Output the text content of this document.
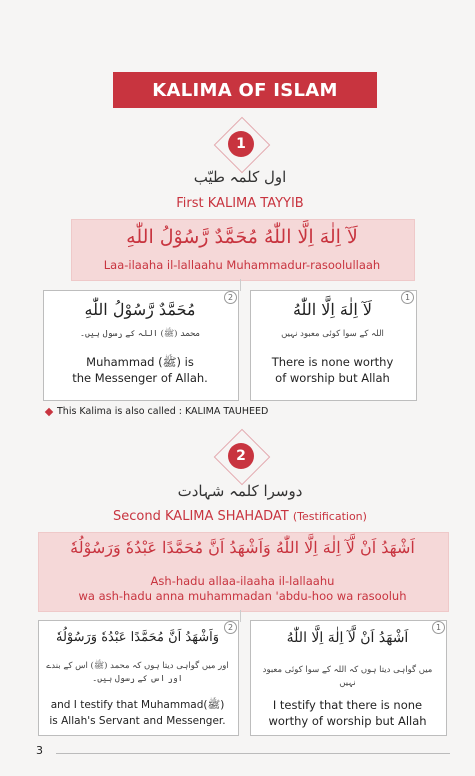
KALIMA OF ISLAM
1
اول کلمہ طیّب
First KALIMA TAYYIB
لَآ اِلٰهَ اِلَّا اللّٰهُ مُحَمَّدٌ رَّسُوْلُ اللّٰهِ
Laa-ilaaha il-lallaahu Muhammadur-rasoolullaah
2
مُحَمَّدٌ رَّسُوْلُ اللّٰهِ
محمد (ﷺ) اللہ کے رسول ہیں۔
Muhammad (ﷺ) is
the Messenger of Allah.
1
لَآ اِلٰهَ اِلَّا اللّٰهُ
اللہ کے سوا کوئی معبود نہیں
There is none worthy
of worship but Allah
This Kalima is also called : KALIMA TAUHEED
2
دوسرا کلمہ شہادت
Second KALIMA SHAHADAT (Testification)
اَشْهَدُ اَنْ لَّآ اِلٰهَ اِلَّا اللّٰهُ وَاَشْهَدُ اَنَّ مُحَمَّدًا عَبْدُهٗ وَرَسُوْلُهٗ
Ash-hadu allaa-ilaaha il-lallaahu
wa ash-hadu anna muhammadan 'abdu-hoo wa rasooluh
2
وَاَشْهَدُ اَنَّ مُحَمَّدًا عَبْدُهٗ وَرَسُوْلُهٗ
اور میں گواہی دیتا ہوں کہ محمد (ﷺ) اس کے بندے
اور اس کے رسول ہیں۔
and I testify that Muhammad(ﷺ)
is Allah's Servant and Messenger.
1
اَشْهَدُ اَنْ لَّآ اِلٰهَ اِلَّا اللّٰهُ
میں گواہی دیتا ہوں کہ اللہ کے سوا کوئی معبود نہیں
I testify that there is none
worthy of worship but Allah
3
